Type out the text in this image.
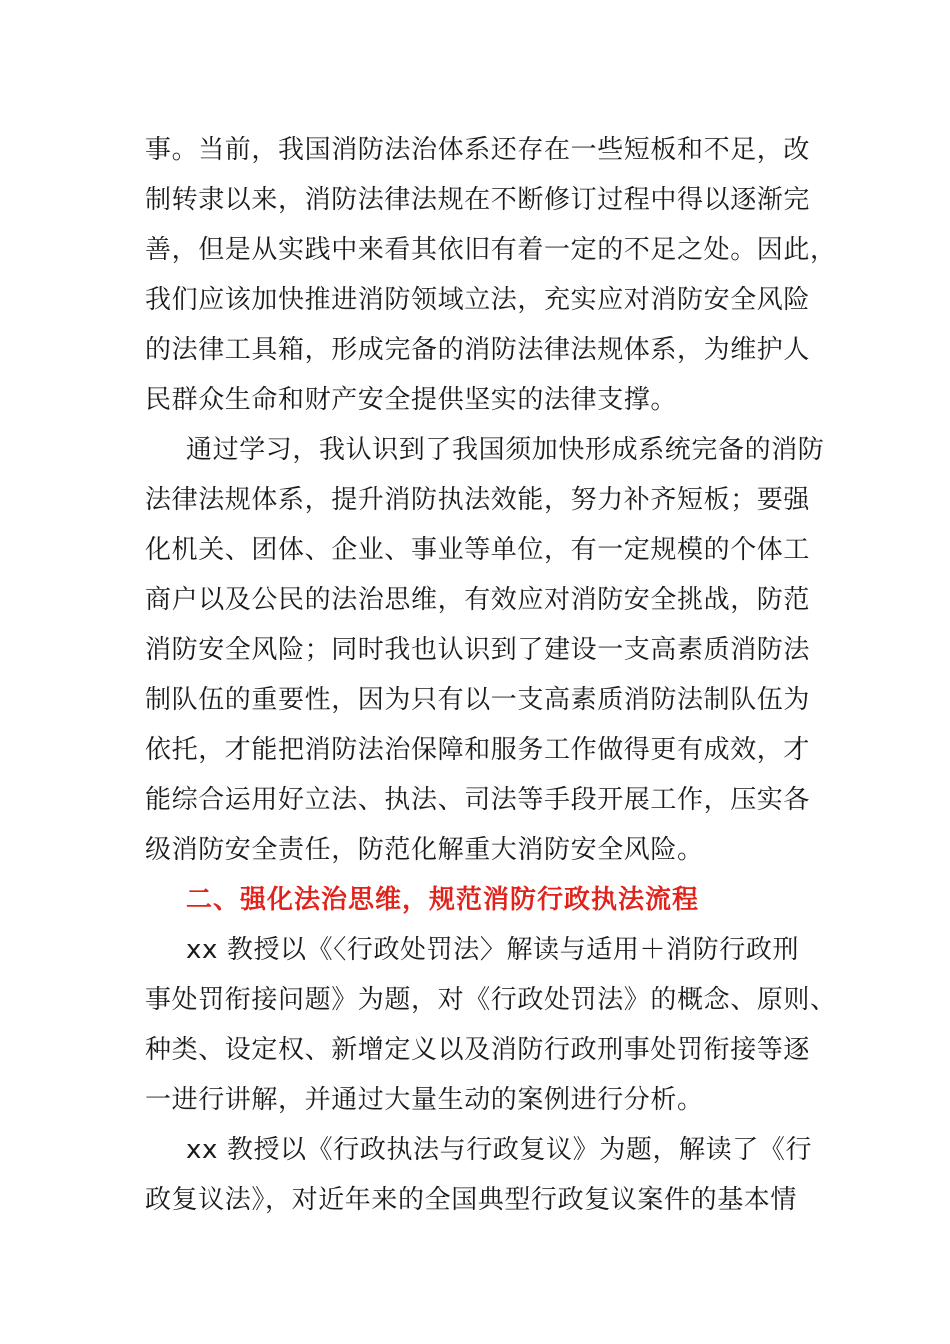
事。当前，我国消防法治体系还存在一些短板和不足，改
制转隶以来，消防法律法规在不断修订过程中得以逐渐完
善，但是从实践中来看其依旧有着一定的不足之处。因此，
我们应该加快推进消防领域立法，充实应对消防安全风险
的法律工具箱，形成完备的消防法律法规体系，为维护人
民群众生命和财产安全提供坚实的法律支撑。
通过学习，我认识到了我国须加快形成系统完备的消防
法律法规体系，提升消防执法效能，努力补齐短板；要强
化机关、团体、企业、事业等单位，有一定规模的个体工
商户以及公民的法治思维，有效应对消防安全挑战，防范
消防安全风险；同时我也认识到了建设一支高素质消防法
制队伍的重要性，因为只有以一支高素质消防法制队伍为
依托，才能把消防法治保障和服务工作做得更有成效，才
能综合运用好立法、执法、司法等手段开展工作，压实各
级消防安全责任，防范化解重大消防安全风险。
二、强化法治思维，规范消防行政执法流程
xx 教授以《〈行政处罚法〉解读与适用＋消防行政刑
事处罚衔接问题》为题，对《行政处罚法》的概念、原则、
种类、设定权、新增定义以及消防行政刑事处罚衔接等逐
一进行讲解，并通过大量生动的案例进行分析。
xx 教授以《行政执法与行政复议》为题，解读了《行
政复议法》，对近年来的全国典型行政复议案件的基本情
